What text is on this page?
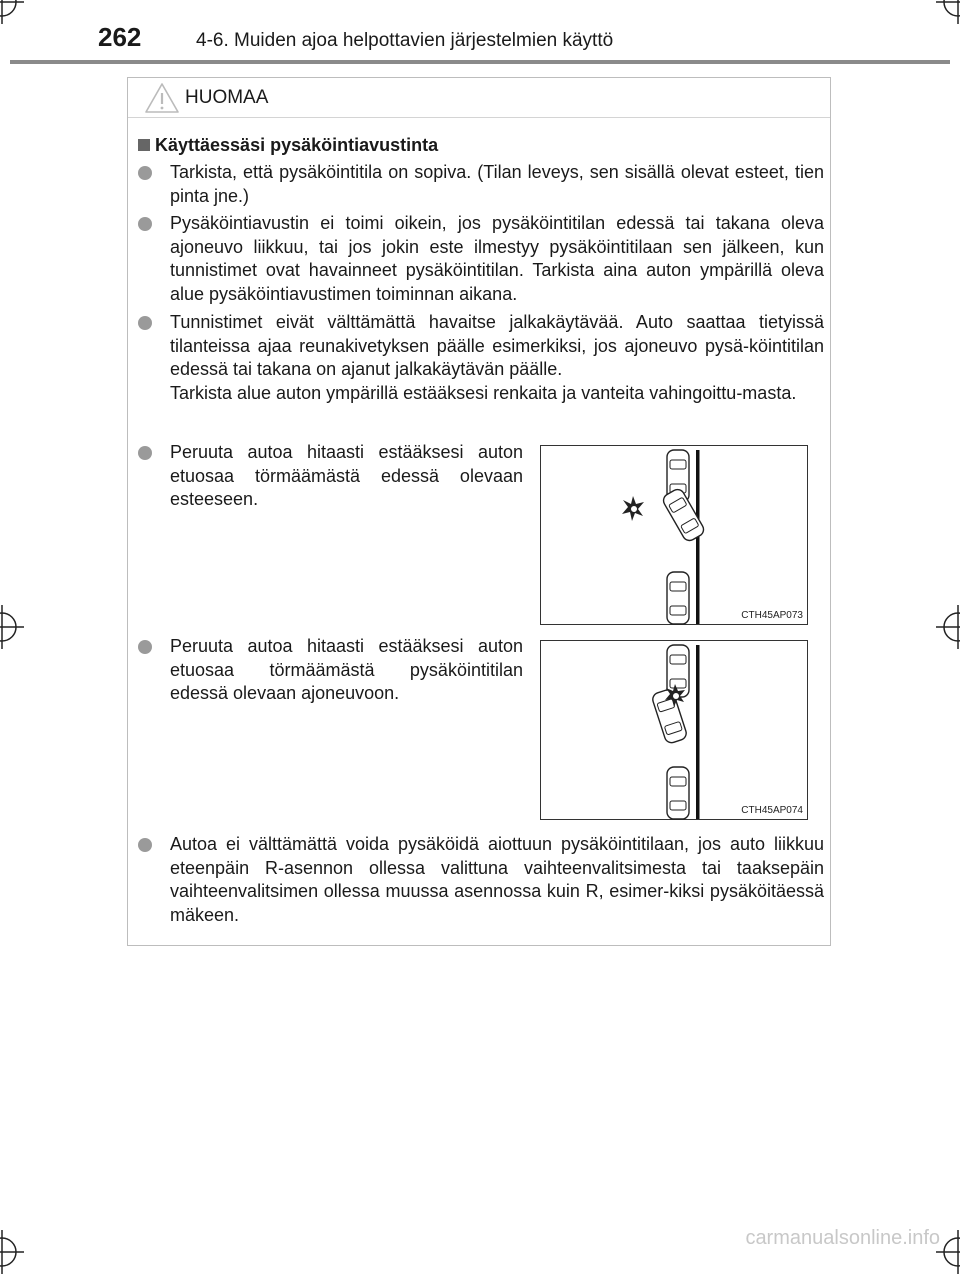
262	4-6. Muiden ajoa helpottavien järjestelmien käyttö
HUOMAA
Käyttäessäsi pysäköintiavustinta
Tarkista, että pysäköintitila on sopiva. (Tilan leveys, sen sisällä olevat esteet, tien pinta jne.)
Pysäköintiavustin ei toimi oikein, jos pysäköintitilan edessä tai takana oleva ajoneuvo liikkuu, tai jos jokin este ilmestyy pysäköintitilaan sen jälkeen, kun tunnistimet ovat havainneet pysäköintitilan. Tarkista aina auton ympärillä oleva alue pysäköintiavustimen toiminnan aikana.
Tunnistimet eivät välttämättä havaitse jalkakäytävää. Auto saattaa tietyissä tilanteissa ajaa reunakivetyksen päälle esimerkiksi, jos ajoneuvo pysä-köintitilan edessä tai takana on ajanut jalkakäytävän päälle.
Tarkista alue auton ympärillä estääksesi renkaita ja vanteita vahingoittu-masta.
Peruuta autoa hitaasti estääksesi auton etuosaa törmäämästä edessä olevaan esteeseen.
CTH45AP073
Peruuta autoa hitaasti estääksesi auton etuosaa törmäämästä pysäköintitilan edessä olevaan ajoneuvoon.
CTH45AP074
Autoa ei välttämättä voida pysäköidä aiottuun pysäköintitilaan, jos auto liikkuu eteenpäin R-asennon ollessa valittuna vaihteenvalitsimesta tai taaksepäin vaihteenvalitsimen ollessa muussa asennossa kuin R, esimer-kiksi pysäköitäessä mäkeen.
carmanualsonline.info
